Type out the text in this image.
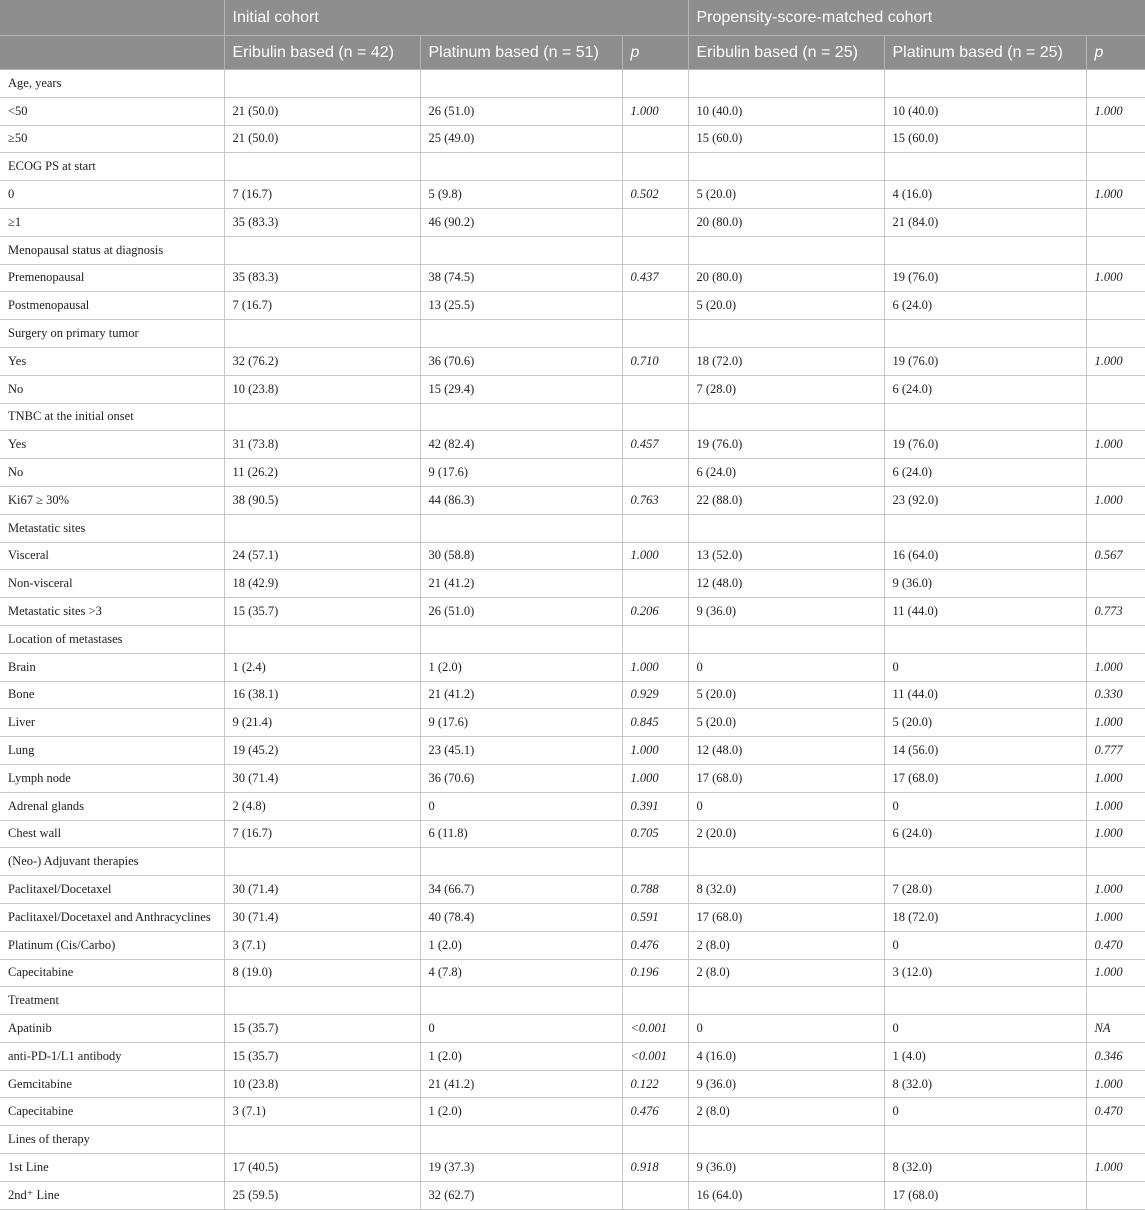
	Initial cohort			Propensity-score-matched cohort		
	Eribulin based (n = 42)	Platinum based (n = 51)	p	Eribulin based (n = 25)	Platinum based (n = 25)	p
Age, years						
<50	21 (50.0)	26 (51.0)	1.000	10 (40.0)	10 (40.0)	1.000
≥50	21 (50.0)	25 (49.0)		15 (60.0)	15 (60.0)	
ECOG PS at start						
0	7 (16.7)	5 (9.8)	0.502	5 (20.0)	4 (16.0)	1.000
≥1	35 (83.3)	46 (90.2)		20 (80.0)	21 (84.0)	
Menopausal status at diagnosis						
Premenopausal	35 (83.3)	38 (74.5)	0.437	20 (80.0)	19 (76.0)	1.000
Postmenopausal	7 (16.7)	13 (25.5)		5 (20.0)	6 (24.0)	
Surgery on primary tumor						
Yes	32 (76.2)	36 (70.6)	0.710	18 (72.0)	19 (76.0)	1.000
No	10 (23.8)	15 (29.4)		7 (28.0)	6 (24.0)	
TNBC at the initial onset						
Yes	31 (73.8)	42 (82.4)	0.457	19 (76.0)	19 (76.0)	1.000
No	11 (26.2)	9 (17.6)		6 (24.0)	6 (24.0)	
Ki67 ≥ 30%	38 (90.5)	44 (86.3)	0.763	22 (88.0)	23 (92.0)	1.000
Metastatic sites						
Visceral	24 (57.1)	30 (58.8)	1.000	13 (52.0)	16 (64.0)	0.567
Non-visceral	18 (42.9)	21 (41.2)		12 (48.0)	9 (36.0)	
Metastatic sites >3	15 (35.7)	26 (51.0)	0.206	9 (36.0)	11 (44.0)	0.773
Location of metastases						
Brain	1 (2.4)	1 (2.0)	1.000	0	0	1.000
Bone	16 (38.1)	21 (41.2)	0.929	5 (20.0)	11 (44.0)	0.330
Liver	9 (21.4)	9 (17.6)	0.845	5 (20.0)	5 (20.0)	1.000
Lung	19 (45.2)	23 (45.1)	1.000	12 (48.0)	14 (56.0)	0.777
Lymph node	30 (71.4)	36 (70.6)	1.000	17 (68.0)	17 (68.0)	1.000
Adrenal glands	2 (4.8)	0	0.391	0	0	1.000
Chest wall	7 (16.7)	6 (11.8)	0.705	2 (20.0)	6 (24.0)	1.000
(Neo-) Adjuvant therapies						
Paclitaxel/Docetaxel	30 (71.4)	34 (66.7)	0.788	8 (32.0)	7 (28.0)	1.000
Paclitaxel/Docetaxel and Anthracyclines	30 (71.4)	40 (78.4)	0.591	17 (68.0)	18 (72.0)	1.000
Platinum (Cis/Carbo)	3 (7.1)	1 (2.0)	0.476	2 (8.0)	0	0.470
Capecitabine	8 (19.0)	4 (7.8)	0.196	2 (8.0)	3 (12.0)	1.000
Treatment						
Apatinib	15 (35.7)	0	<0.001	0	0	NA
anti-PD-1/L1 antibody	15 (35.7)	1 (2.0)	<0.001	4 (16.0)	1 (4.0)	0.346
Gemcitabine	10 (23.8)	21 (41.2)	0.122	9 (36.0)	8 (32.0)	1.000
Capecitabine	3 (7.1)	1 (2.0)	0.476	2 (8.0)	0	0.470
Lines of therapy						
1st Line	17 (40.5)	19 (37.3)	0.918	9 (36.0)	8 (32.0)	1.000
2nd⁺ Line	25 (59.5)	32 (62.7)		16 (64.0)	17 (68.0)	
